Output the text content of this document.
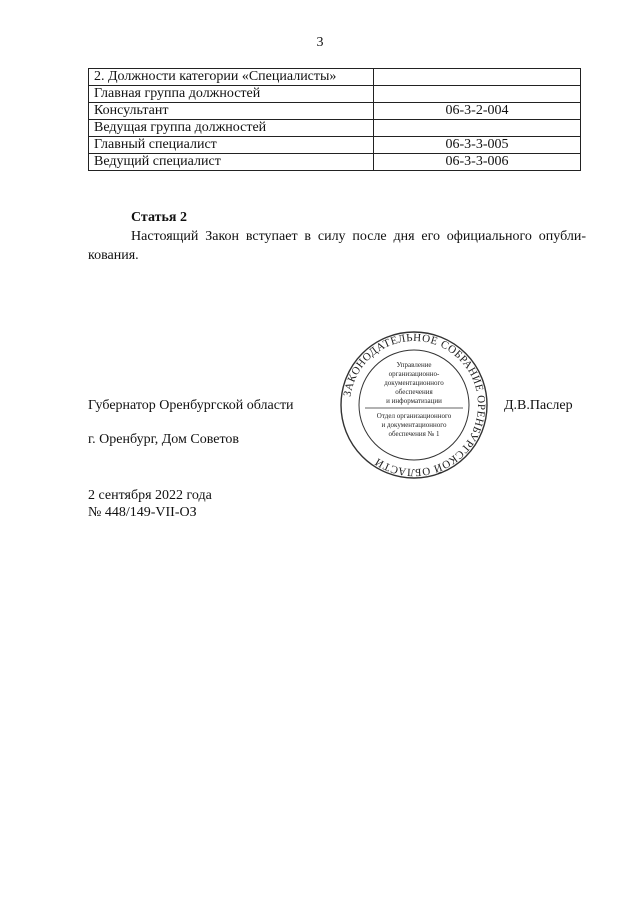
3
2. Должности категории «Специалисты»	
Главная группа должностей	
Консультант	06-3-2-004
Ведущая группа должностей	
Главный специалист	06-3-3-005
Ведущий специалист	06-3-3-006
Статья 2
Настоящий Закон вступает в силу после дня его официального опубликования.
ЗАКОНОДАТЕЛЬНОЕ СОБРАНИЕ ОРЕНБУРГСКОЙ ОБЛАСТИ
Управление
организационно-
документационного
обеспечения
и информатизации
Отдел организационного
и документационного
обеспечения № 1
Губернатор Оренбургской области	Д.В.Паслер
г. Оренбург, Дом Советов
2 сентября 2022 года
№ 448/149-VII-ОЗ
